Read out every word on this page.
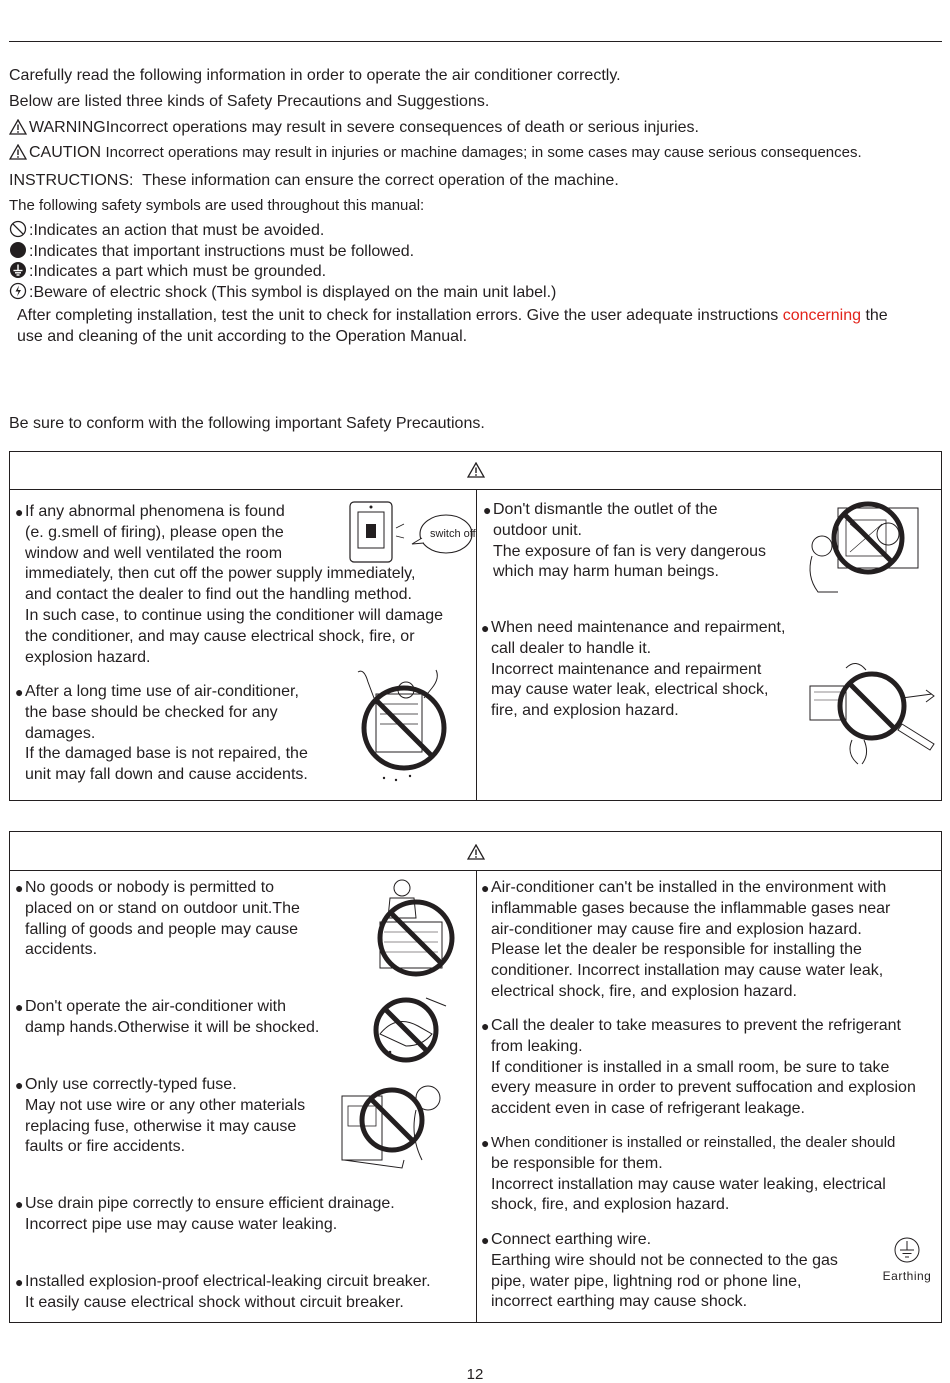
Carefully read the following information in order to operate the air conditioner correctly.
Below are listed three kinds of Safety Precautions and Suggestions.
WARNINGIncorrect operations may result in severe consequences of death or serious injuries.
CAUTION Incorrect operations may result in injuries or machine damages; in some cases may cause serious consequences.
INSTRUCTIONS: These information can ensure the correct operation of the machine.
The following safety symbols are used throughout this manual:
:Indicates an action that must be avoided.
:Indicates that important instructions must be followed.
:Indicates a part which must be grounded.
:Beware of electric shock (This symbol is displayed on the main unit label.)
After completing installation, test the unit to check for installation errors. Give the user adequate instructions concerning the
use and cleaning of the unit according to the Operation Manual.
Be sure to conform with the following important Safety Precautions.
● If any abnormal phenomena is found

(e. g.smell of firing), please open the

window and well ventilated the room

immediately, then cut off the power supply immediately,

and contact the dealer to find out the handling method.

In such case, to continue using the conditioner will damage

the conditioner, and may cause electrical shock, fire, or

explosion hazard.

switch off
● After a long time use of air-conditioner,

the base should be checked for any

damages.

If the damaged base is not repaired, the

unit may fall down and cause accidents.

● Don't dismantle the outlet of the

outdoor unit.

The exposure of fan is very dangerous

which may harm human beings.

● When need maintenance and repairment,

call dealer to handle it.

Incorrect maintenance and repairment

may cause water leak, electrical shock,

fire, and explosion hazard.

● No goods or nobody is permitted to

placed on or stand on outdoor unit.The

falling of goods and people may cause

accidents.

● Don't operate the air-conditioner with

damp hands.Otherwise it will be shocked.

● Only use correctly-typed fuse.

May not use wire or any other materials

replacing fuse, otherwise it may cause

faults or fire accidents.

● Use drain pipe correctly to ensure efficient drainage.

Incorrect pipe use may cause water leaking.

● Installed explosion-proof electrical-leaking circuit breaker.

It easily cause electrical shock without circuit breaker.

● Air-conditioner can't be installed in the environment with

inflammable gases because the inflammable gases near

air-conditioner may cause fire and explosion hazard.

Please let the dealer be responsible for installing the

conditioner. Incorrect installation may cause water leak,

electrical shock, fire, and explosion hazard.

● Call the dealer to take measures to prevent the refrigerant

from leaking.

If conditioner is installed in a small room, be sure to take

every measure in order to prevent suffocation and explosion

accident even in case of refrigerant leakage.

● When conditioner is installed or reinstalled, the dealer should

be responsible for them.

Incorrect installation may cause water leaking, electrical

shock, fire, and explosion hazard.

● Connect earthing wire.

Earthing wire should not be connected to the gas

pipe, water pipe, lightning rod or phone line,

incorrect earthing may cause shock.

Earthing
12
